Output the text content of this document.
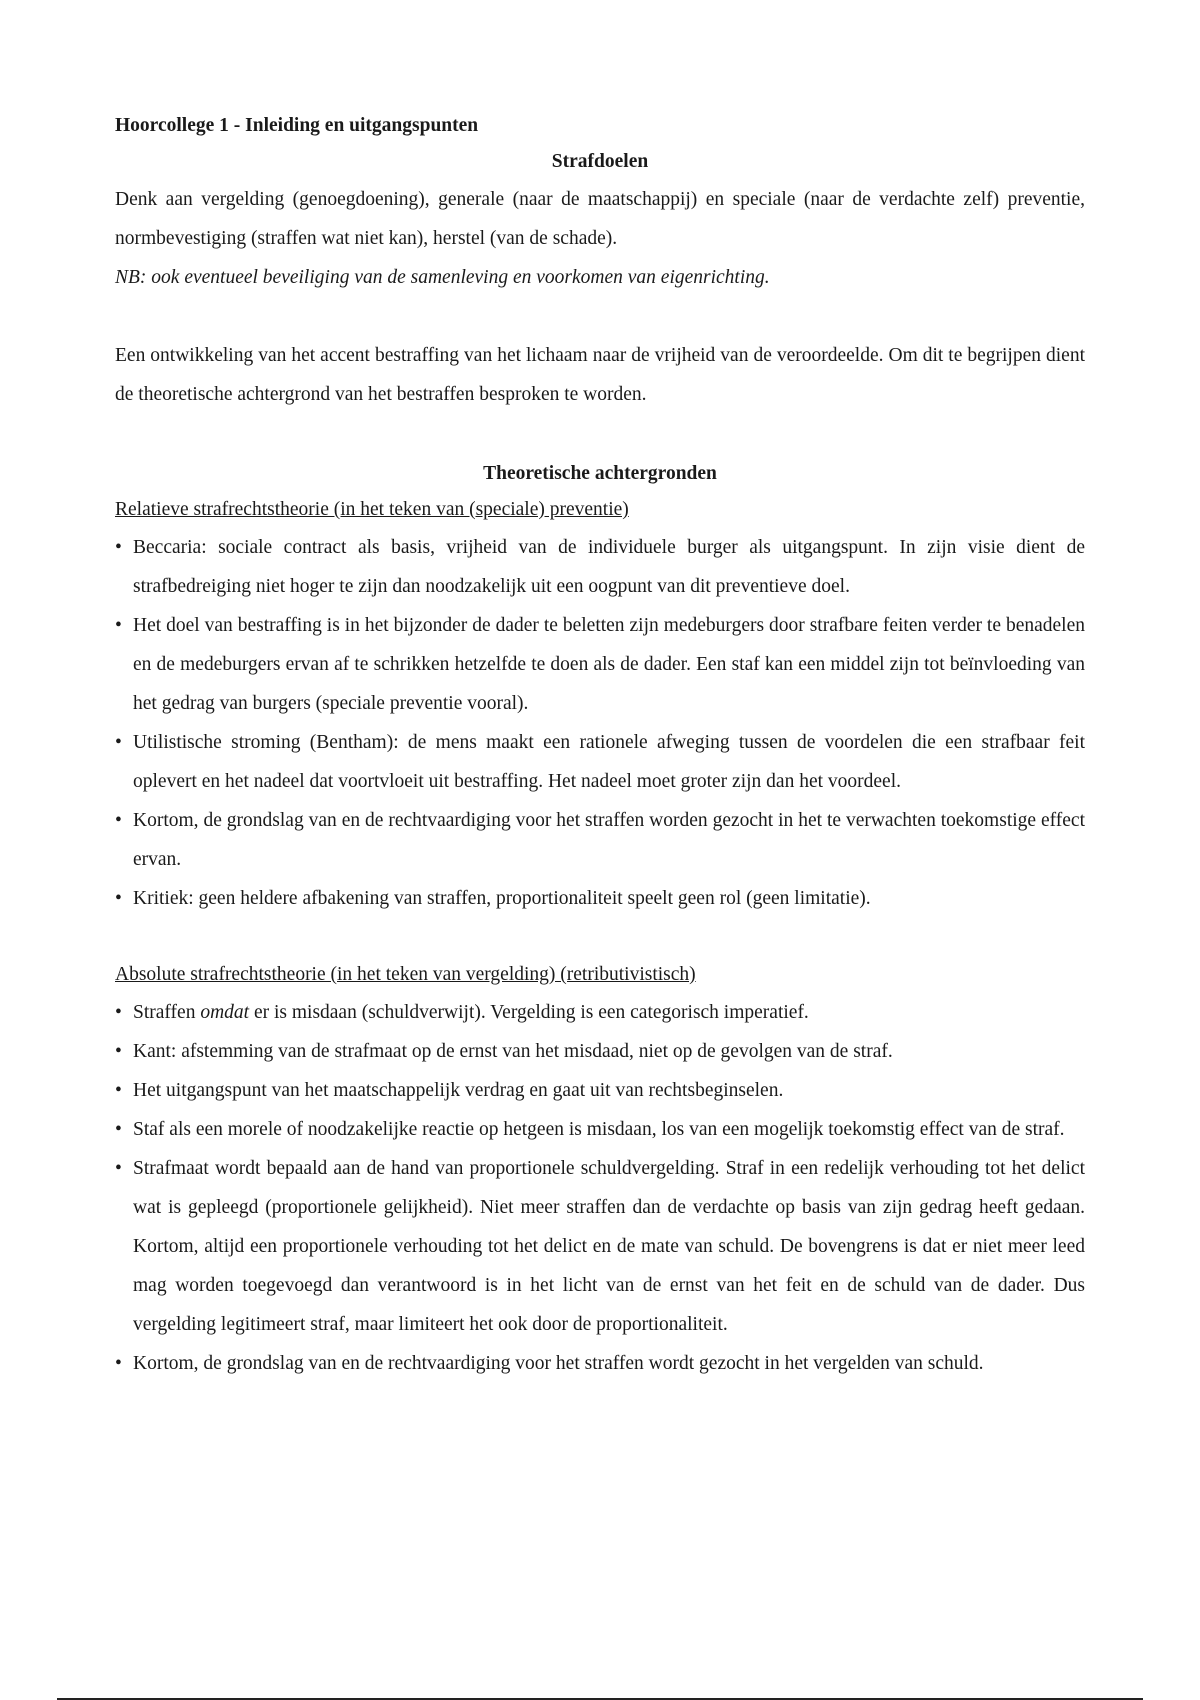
Hoorcollege 1 - Inleiding en uitgangspunten

Strafdoelen

Denk aan vergelding (genoegdoening), generale (naar de maatschappij) en speciale (naar de verdachte zelf) preventie, normbevestiging (straffen wat niet kan), herstel (van de schade).

NB: ook eventueel beveiliging van de samenleving en voorkomen van eigenrichting.

Een ontwikkeling van het accent bestraffing van het lichaam naar de vrijheid van de veroordeelde. Om dit te begrijpen dient de theoretische achtergrond van het bestraffen besproken te worden.

Theoretische achtergronden

Relatieve strafrechtstheorie (in het teken van (speciale) preventie)

• Beccaria: sociale contract als basis, vrijheid van de individuele burger als uitgangspunt. In zijn visie dient de strafbedreiging niet hoger te zijn dan noodzakelijk uit een oogpunt van dit preventieve doel.
• Het doel van bestraffing is in het bijzonder de dader te beletten zijn medeburgers door strafbare feiten verder te benadelen en de medeburgers ervan af te schrikken hetzelfde te doen als de dader. Een staf kan een middel zijn tot beïnvloeding van het gedrag van burgers (speciale preventie vooral).
• Utilistische stroming (Bentham): de mens maakt een rationele afweging tussen de voordelen die een strafbaar feit oplevert en het nadeel dat voortvloeit uit bestraffing. Het nadeel moet groter zijn dan het voordeel.
• Kortom, de grondslag van en de rechtvaardiging voor het straffen worden gezocht in het te verwachten toekomstige effect ervan.
• Kritiek: geen heldere afbakening van straffen, proportionaliteit speelt geen rol (geen limitatie).

Absolute strafrechtstheorie (in het teken van vergelding) (retributivistisch)

• Straffen omdat er is misdaan (schuldverwijt). Vergelding is een categorisch imperatief.
• Kant: afstemming van de strafmaat op de ernst van het misdaad, niet op de gevolgen van de straf.
• Het uitgangspunt van het maatschappelijk verdrag en gaat uit van rechtsbeginselen.
• Staf als een morele of noodzakelijke reactie op hetgeen is misdaan, los van een mogelijk toekomstig effect van de straf.
• Strafmaat wordt bepaald aan de hand van proportionele schuldvergelding. Straf in een redelijk verhouding tot het delict wat is gepleegd (proportionele gelijkheid). Niet meer straffen dan de verdachte op basis van zijn gedrag heeft gedaan. Kortom, altijd een proportionele verhouding tot het delict en de mate van schuld. De bovengrens is dat er niet meer leed mag worden toegevoegd dan verantwoord is in het licht van de ernst van het feit en de schuld van de dader. Dus vergelding legitimeert straf, maar limiteert het ook door de proportionaliteit.
• Kortom, de grondslag van en de rechtvaardiging voor het straffen wordt gezocht in het vergelden van schuld.
